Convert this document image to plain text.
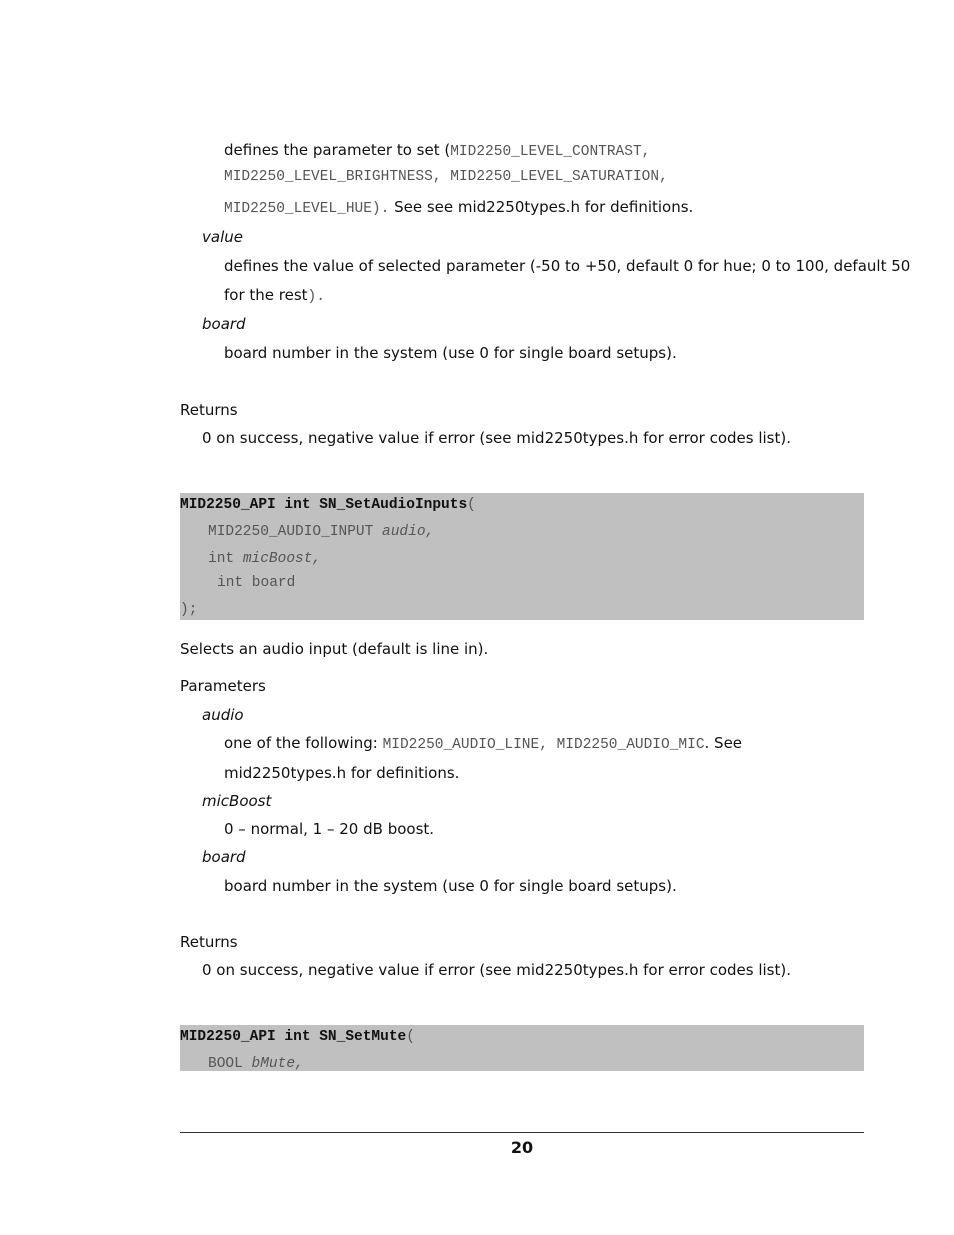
defines the parameter to set (MID2250_LEVEL_CONTRAST,
MID2250_LEVEL_BRIGHTNESS, MID2250_LEVEL_SATURATION,
MID2250_LEVEL_HUE). See see mid2250types.h for definitions.
value
defines the value of selected parameter (-50 to +50, default 0 for hue; 0 to 100, default 50
for the rest).
board
board number in the system (use 0 for single board setups).
Returns
0 on success, negative value if error (see mid2250types.h for error codes list).
MID2250_API int SN_SetAudioInputs(
MID2250_AUDIO_INPUT audio,
int micBoost,
int board
);
Selects an audio input (default is line in).
Parameters
audio
one of the following: MID2250_AUDIO_LINE, MID2250_AUDIO_MIC. See
mid2250types.h for definitions.
micBoost
0 – normal, 1 – 20 dB boost.
board
board number in the system (use 0 for single board setups).
Returns
0 on success, negative value if error (see mid2250types.h for error codes list).
MID2250_API int SN_SetMute(
BOOL bMute,
20
